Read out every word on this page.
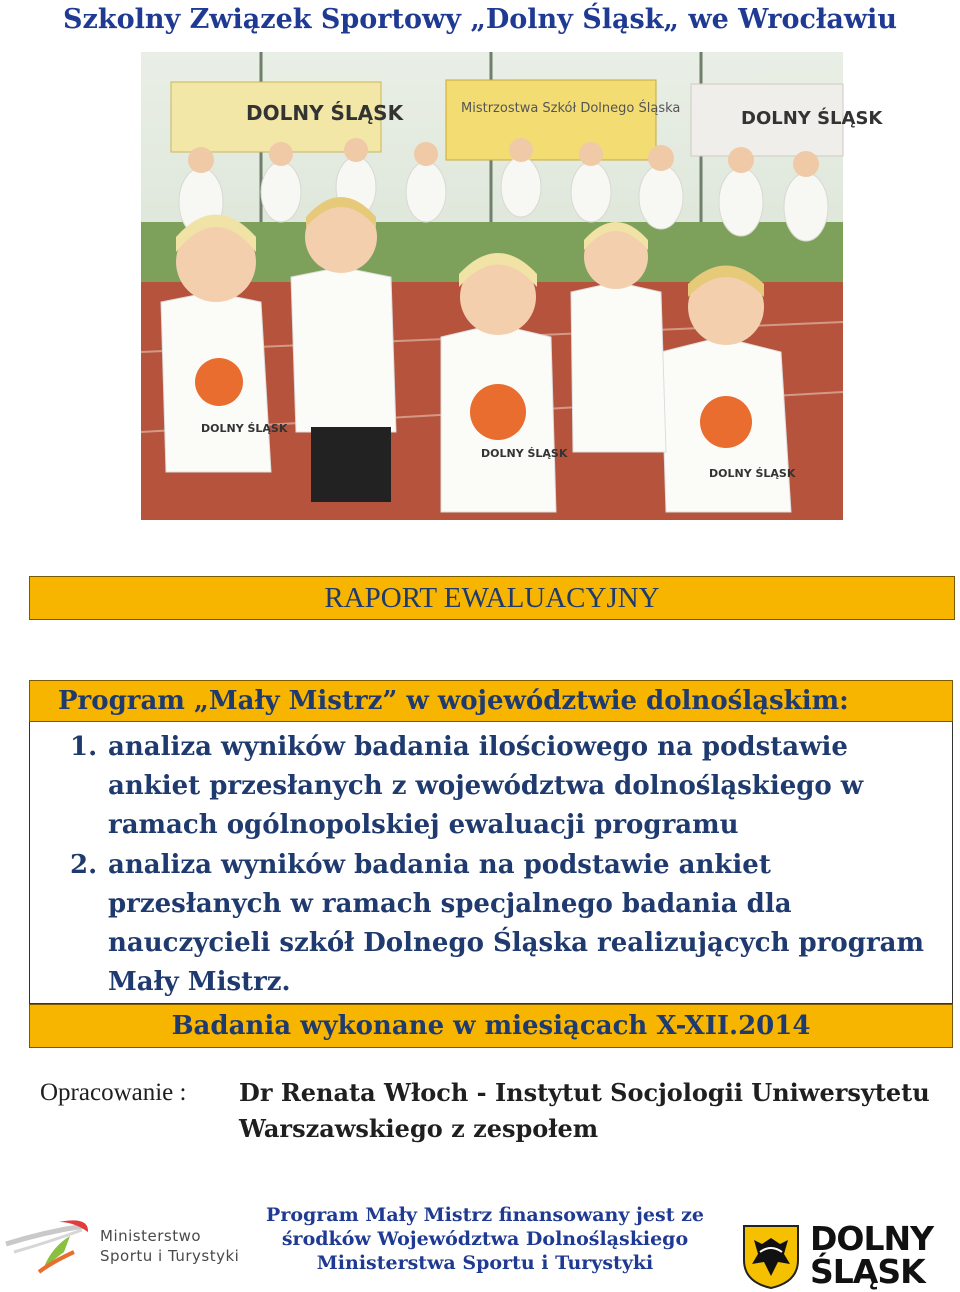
Szkolny Związek Sportowy „Dolny Śląsk„ we Wrocławiu
DOLNY ŚLĄSK	Mistrzostwa Szkół Dolnego Śląska	DOLNY ŚLĄSK
DOLNY ŚLĄSK
DOLNY ŚLĄSK
DOLNY ŚLĄSK
RAPORT EWALUACYJNY
Program „Mały Mistrz” w województwie dolnośląskim:
1. analiza wyników badania ilościowego na podstawie ankiet przesłanych z województwa dolnośląskiego w ramach ogólnopolskiej ewaluacji programu
2. analiza wyników badania na podstawie ankiet przesłanych w ramach specjalnego badania dla nauczycieli szkół Dolnego Śląska realizujących program Mały Mistrz.
Badania wykonane w miesiącach X-XII.2014
Opracowanie : Dr Renata Włoch - Instytut Socjologii Uniwersytetu Warszawskiego z zespołem
Ministerstwo
Sportu i Turystyki
Program Mały Mistrz finansowany jest ze
środków Województwa Dolnośląskiego
Ministerstwa Sportu i Turystyki
DOLNY
ŚLĄSK
